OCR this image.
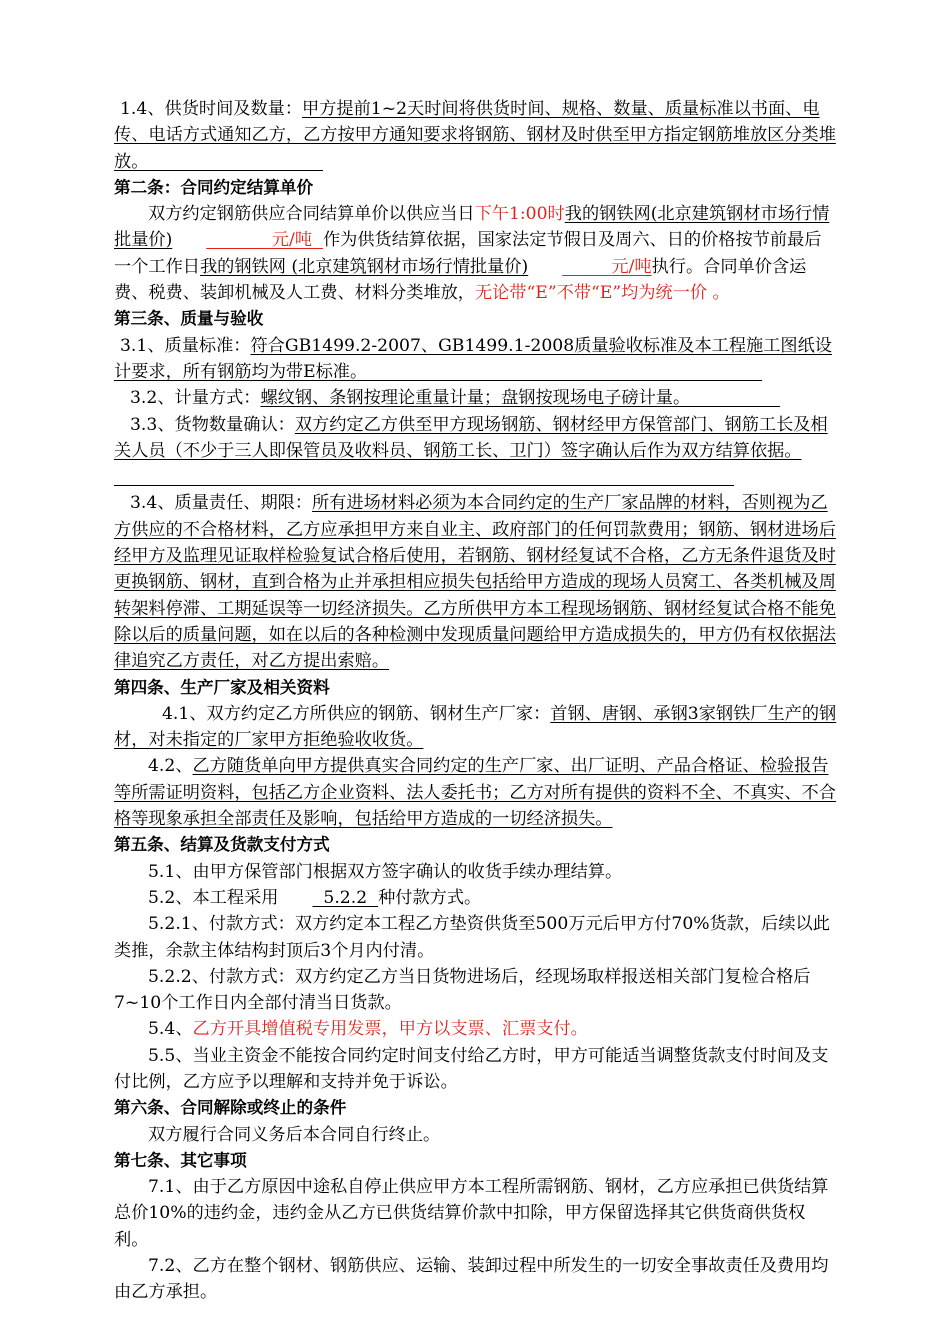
1.4、供货时间及数量：甲方提前1~2天时间将供货时间、规格、数量、质量标准以书面、电传、电话方式通知乙方，乙方按甲方通知要求将钢筋、钢材及时供至甲方指定钢筋堆放区分类堆放。

第二条：合同约定结算单价

双方约定钢筋供应合同结算单价以供应当日下午1:00时我的钢铁网(北京建筑钢材市场行情批量价)	元/吨 作为供货结算依据，国家法定节假日及周六、日的价格按节前最后一个工作日我的钢铁网 (北京建筑钢材市场行情批量价)	元/吨执行。合同单价含运费、税费、装卸机械及人工费、材料分类堆放，无论带“E”不带“E”均为统一价 。

第三条、质量与验收

3.1、质量标准：符合GB1499.2-2007、GB1499.1-2008质量验收标准及本工程施工图纸设计要求，所有钢筋均为带E标准。

3.2、计量方式：螺纹钢、条钢按理论重量计量；盘钢按现场电子磅计量。

3.3、货物数量确认：双方约定乙方供至甲方现场钢筋、钢材经甲方保管部门、钢筋工长及相关人员（不少于三人即保管员及收料员、钢筋工长、卫门）签字确认后作为双方结算依据。

3.4、质量责任、期限：所有进场材料必须为本合同约定的生产厂家品牌的材料，否则视为乙方供应的不合格材料，乙方应承担甲方来自业主、政府部门的任何罚款费用；钢筋、钢材进场后经甲方及监理见证取样检验复试合格后使用，若钢筋、钢材经复试不合格，乙方无条件退货及时更换钢筋、钢材，直到合格为止并承担相应损失包括给甲方造成的现场人员窝工、各类机械及周转架料停滞、工期延误等一切经济损失。乙方所供甲方本工程现场钢筋、钢材经复试合格不能免除以后的质量问题，如在以后的各种检测中发现质量问题给甲方造成损失的，甲方仍有权依据法律追究乙方责任，对乙方提出索赔。

第四条、生产厂家及相关资料

4.1、双方约定乙方所供应的钢筋、钢材生产厂家：首钢、唐钢、承钢3家钢铁厂生产的钢材，对未指定的厂家甲方拒绝验收收货。

4.2、乙方随货单向甲方提供真实合同约定的生产厂家、出厂证明、产品合格证、检验报告等所需证明资料，包括乙方企业资料、法人委托书；乙方对所有提供的资料不全、不真实、不合格等现象承担全部责任及影响，包括给甲方造成的一切经济损失。

第五条、结算及货款支付方式

5.1、由甲方保管部门根据双方签字确认的收货手续办理结算。

5.2、本工程采用	5.2.2 种付款方式。

5.2.1、付款方式：双方约定本工程乙方垫资供货至500万元后甲方付70%货款，后续以此类推，余款主体结构封顶后3个月内付清。

5.2.2、付款方式：双方约定乙方当日货物进场后，经现场取样报送相关部门复检合格后7~10个工作日内全部付清当日货款。

5.4、乙方开具增值税专用发票，甲方以支票、汇票支付。

5.5、当业主资金不能按合同约定时间支付给乙方时，甲方可能适当调整货款支付时间及支付比例，乙方应予以理解和支持并免于诉讼。

第六条、合同解除或终止的条件

双方履行合同义务后本合同自行终止。

第七条、其它事项

7.1、由于乙方原因中途私自停止供应甲方本工程所需钢筋、钢材，乙方应承担已供货结算总价10%的违约金，违约金从乙方已供货结算价款中扣除，甲方保留选择其它供货商供货权利。

7.2、乙方在整个钢材、钢筋供应、运输、装卸过程中所发生的一切安全事故责任及费用均由乙方承担。
